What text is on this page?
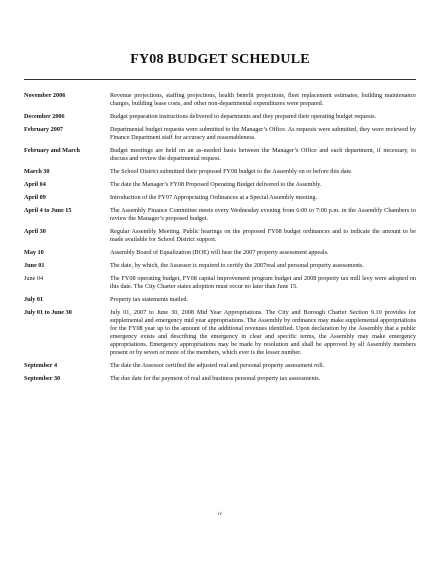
FY08 BUDGET SCHEDULE
November 2006	Revenue projections, staffing projections, health benefit projections, fleet replacement estimates, building maintenance charges, building lease costs, and other non-departmental expenditures were prepared.
December 2006	Budget preparation instructions delivered to departments and they prepared their operating budget requests.
February 2007	Departmental budget requests were submitted to the Manager’s Office. As requests were submitted, they were reviewed by Finance Department staff for accuracy and reasonableness.
February and March	Budget meetings are held on an as-needed basis between the Manager’s Office and each department, if necessary, to discuss and review the departmental request.
March 30	The School District submitted their proposed FY08 budget to the Assembly on or before this date.
April 04	The date the Manager’s FY08 Proposed Operating Budget delivered to the Assembly.
April 09	Introduction of the FY07 Appropriating Ordinances at a Special Assembly meeting.
April 4 to June 15	The Assembly Finance Committee meets every Wednesday evening from 6:00 to 7:00 p.m. in the Assembly Chambers to review the Manager’s proposed budget.
April 30	Regular Assembly Meeting. Public hearings on the proposed FY08 budget ordinances and to indicate the amount to be made available for School District support.
May 10	Assembly Board of Equalization (BOE) will hear the 2007 property assessment appeals.
June 01	The date, by which, the Assessor is required to certify the 2007real and personal property assessments.
June 04	The FY08 operating budget, FY08 capital improvement program budget and 2008 property tax mill levy were adopted on this date. The City Charter states adoption must occur no later than June 15.
July 01	Property tax statements mailed.
July 01 to June 30	July 01, 2007 to June 30, 2008 Mid Year Appropriations. The City and Borough Charter Section 9.10 provides for supplemental and emergency mid year appropriations. The Assembly by ordinance may make supplemental appropriations for the FY08 year up to the amount of the additional revenues identified. Upon declaration by the Assembly that a public emergency exists and describing the emergency in clear and specific terms, the Assembly may make emergency appropriations. Emergency appropriations may be made by resolution and shall be approved by all Assembly members present or by seven or more of the members, which ever is the lesser number.
September 4	The date the Assessor certified the adjusted real and personal property assessment roll.
September 30	The due date for the payment of real and business personal property tax assessments.
iv
